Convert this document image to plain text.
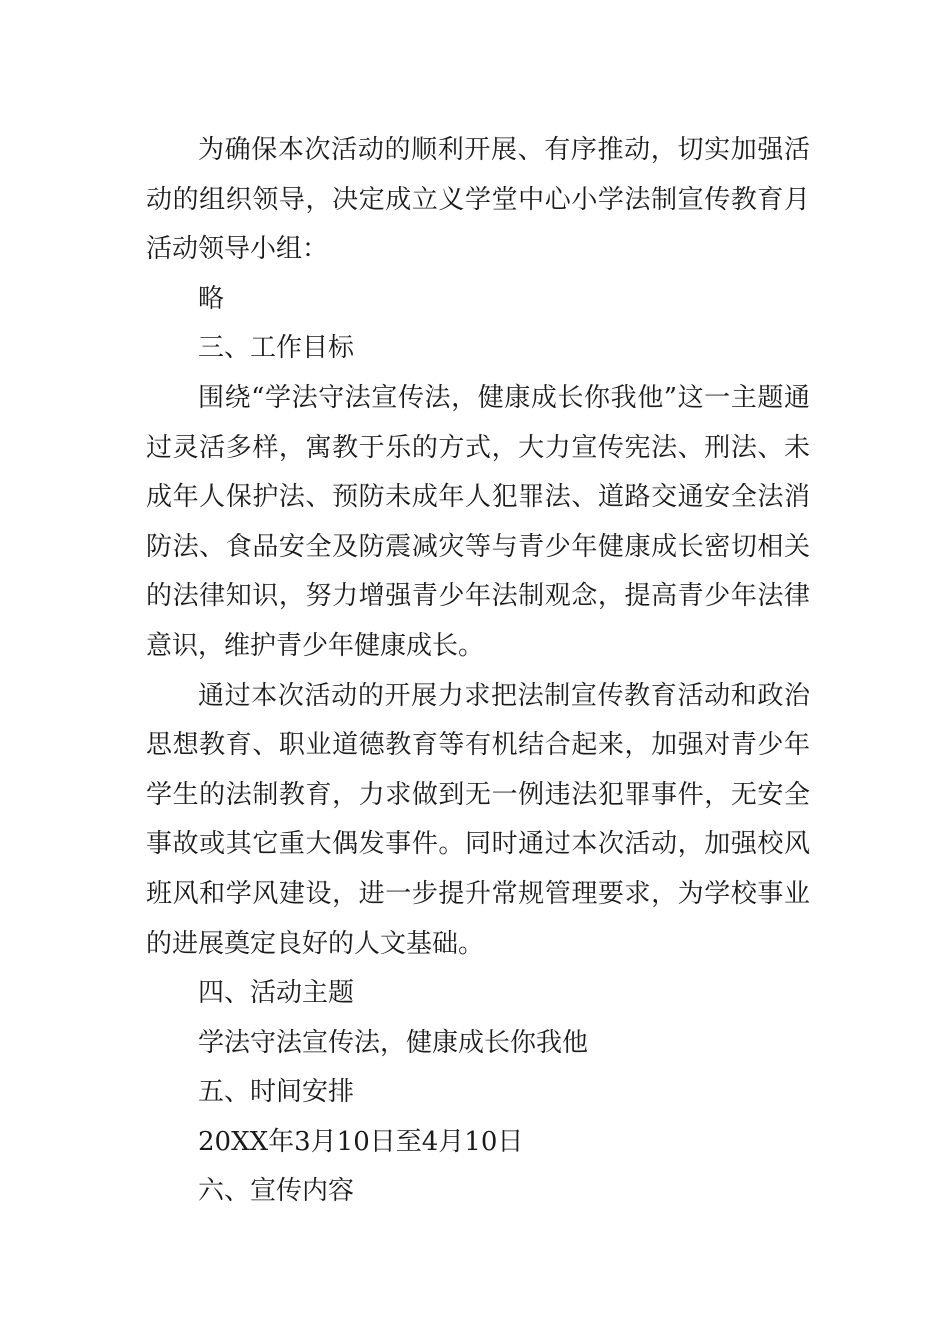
为确保本次活动的顺利开展、有序推动，切实加强活动的组织领导，决定成立义学堂中心小学法制宣传教育月活动领导小组：

略

三、工作目标

围绕“学法守法宣传法，健康成长你我他”这一主题通过灵活多样，寓教于乐的方式，大力宣传宪法、刑法、未成年人保护法、预防未成年人犯罪法、道路交通安全法消防法、食品安全及防震减灾等与青少年健康成长密切相关的法律知识，努力增强青少年法制观念，提高青少年法律意识，维护青少年健康成长。

通过本次活动的开展力求把法制宣传教育活动和政治思想教育、职业道德教育等有机结合起来，加强对青少年学生的法制教育，力求做到无一例违法犯罪事件，无安全事故或其它重大偶发事件。同时通过本次活动，加强校风班风和学风建设，进一步提升常规管理要求，为学校事业的进展奠定良好的人文基础。

四、活动主题

学法守法宣传法，健康成长你我他

五、时间安排

20XX年3月10日至4月10日

六、宣传内容
